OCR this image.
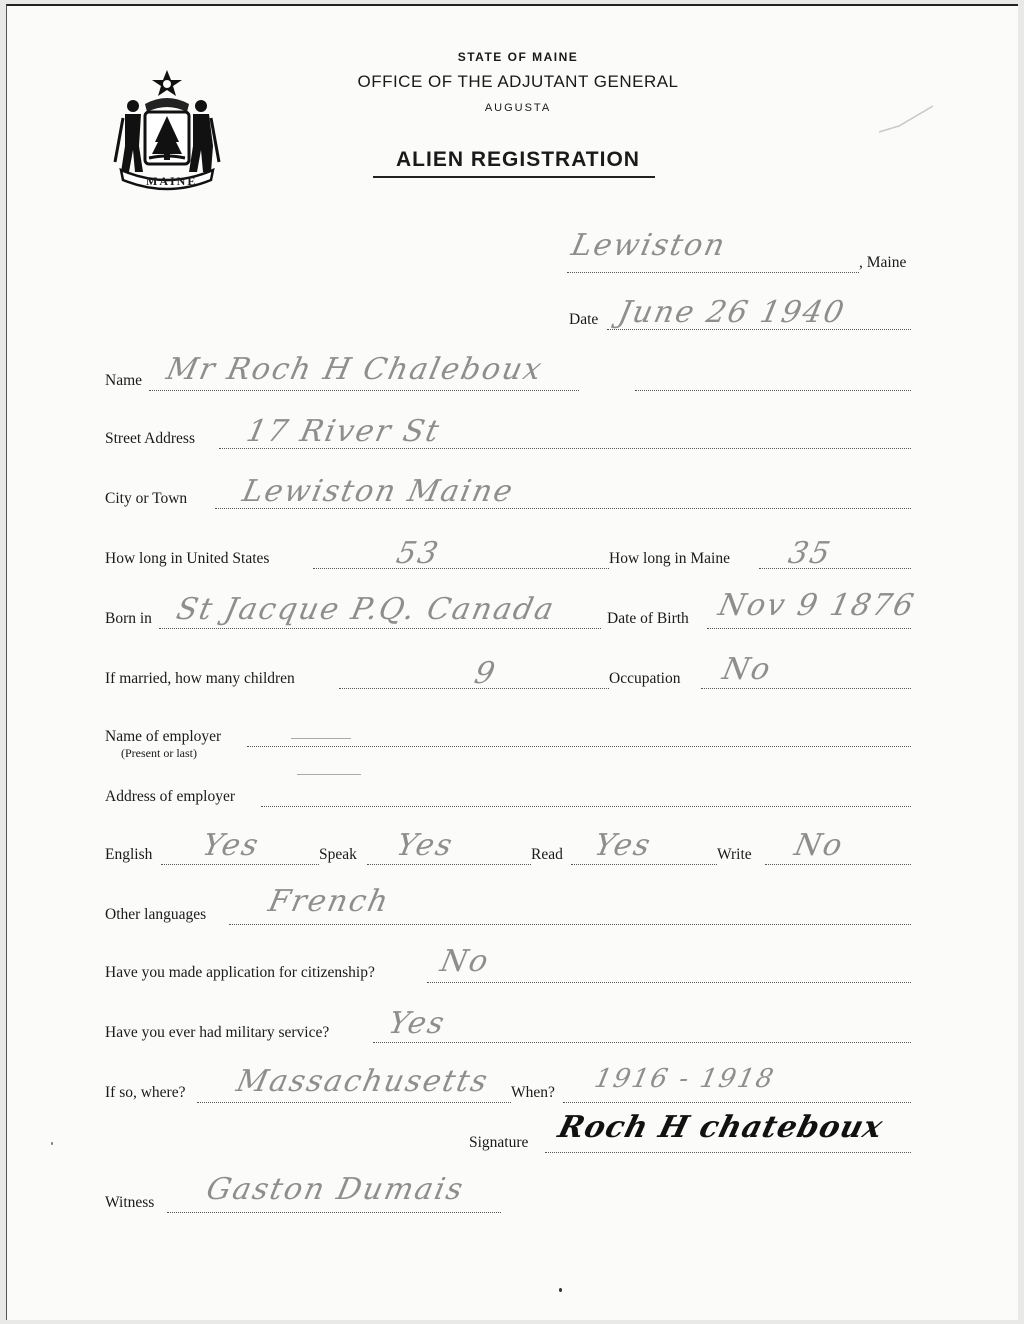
MAINE
STATE OF MAINE
OFFICE OF THE ADJUTANT GENERAL
AUGUSTA
ALIEN REGISTRATION
Lewiston	, Maine
Date June 26 1940
Name Mr Roch H Chaleboux
Street Address 17 River St
City or Town Lewiston Maine
How long in United States	53	How long in Maine 35
Born in St Jacque P.Q. Canada	Date of Birth Nov 9 1876
If married, how many children	9	Occupation No
Name of employer
(Present or last)
Address of employer
English Yes	Speak Yes	Read Yes	Write No
Other languages French
Have you made application for citizenship? No
Have you ever had military service? Yes
If so, where? Massachusetts When? 1916 - 1918
Signature Roch H chateboux
Witness Gaston Dumais
